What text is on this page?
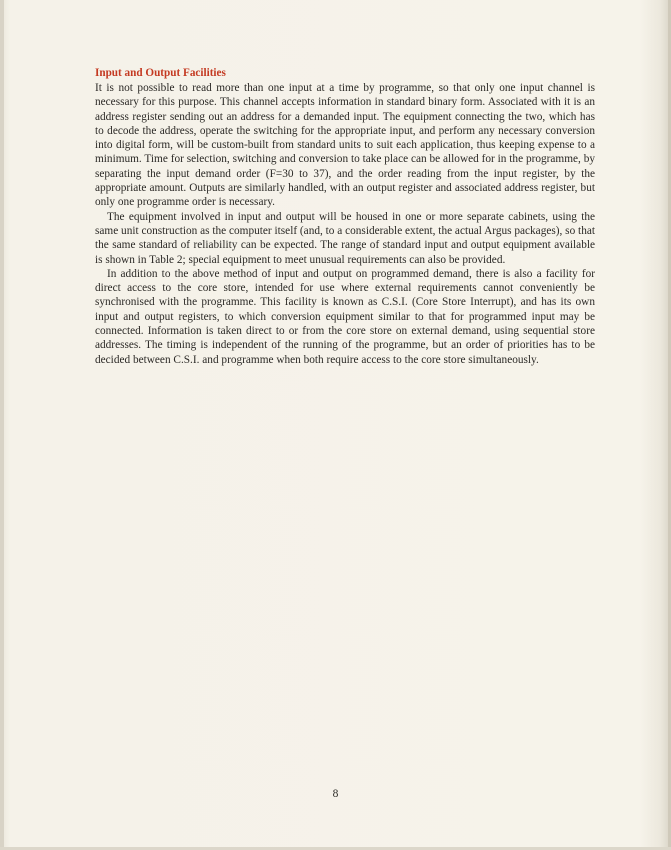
Input and Output Facilities

It is not possible to read more than one input at a time by programme, so that only one input channel is necessary for this purpose. This channel accepts information in standard binary form. Associated with it is an address register sending out an address for a demanded input. The equipment connecting the two, which has to decode the address, operate the switching for the appropriate input, and perform any necessary conversion into digital form, will be custom-built from standard units to suit each application, thus keeping expense to a minimum. Time for selection, switching and conversion to take place can be allowed for in the programme, by separating the input demand order (F=30 to 37), and the order reading from the input register, by the appropriate amount. Outputs are similarly handled, with an output register and associated address register, but only one programme order is necessary.

The equipment involved in input and output will be housed in one or more separate cabinets, using the same unit construction as the computer itself (and, to a considerable extent, the actual Argus packages), so that the same standard of reliability can be expected. The range of standard input and output equipment available is shown in Table 2; special equipment to meet unusual requirements can also be provided.

In addition to the above method of input and output on programmed demand, there is also a facility for direct access to the core store, intended for use where external requirements cannot conveniently be synchronised with the programme. This facility is known as C.S.I. (Core Store Interrupt), and has its own input and output registers, to which conversion equipment similar to that for programmed input may be connected. Information is taken direct to or from the core store on external demand, using sequential store addresses. The timing is independent of the running of the programme, but an order of priorities has to be decided between C.S.I. and programme when both require access to the core store simultaneously.

8
